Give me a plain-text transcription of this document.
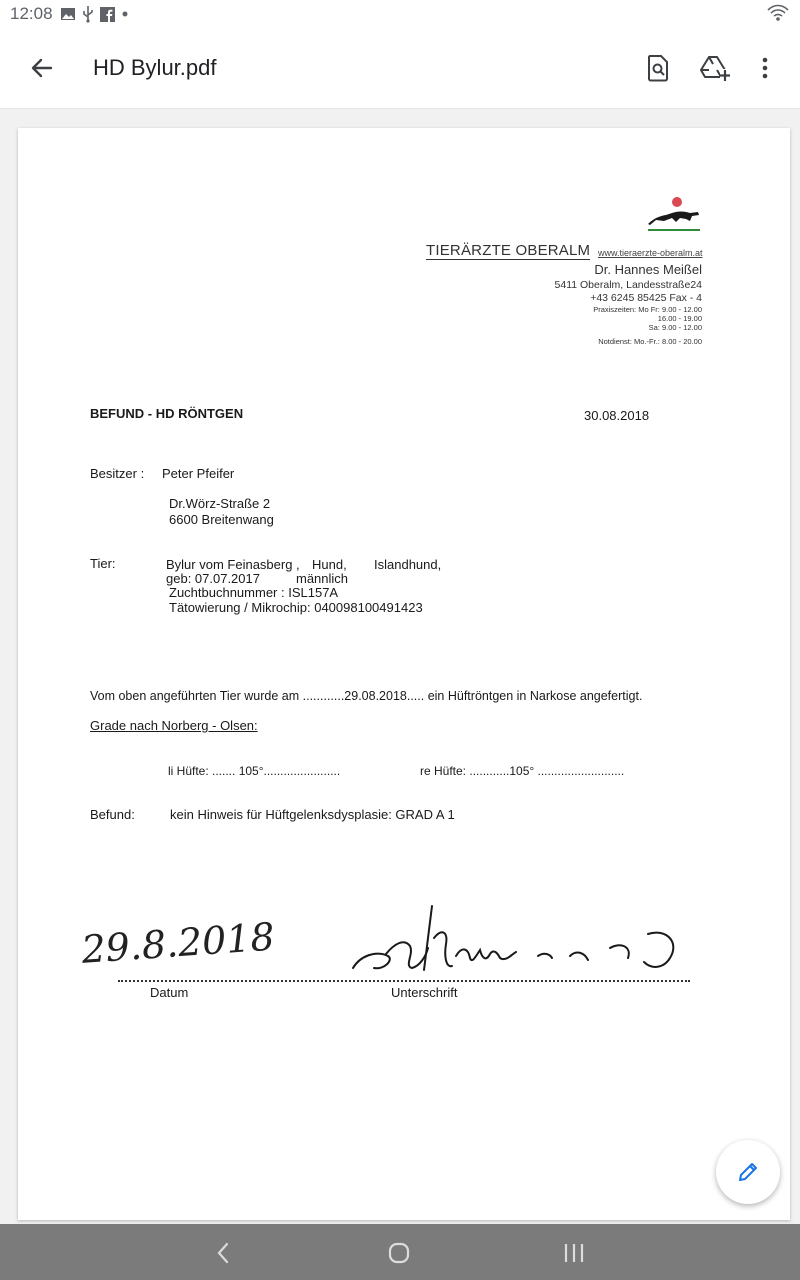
12:08
HD Bylur.pdf
TIERÄRZTE OBERALM www.tieraerzte-oberalm.at
Dr. Hannes Meißel
5411 Oberalm, Landesstraße24
+43 6245 85425 Fax - 4
Praxiszeiten: Mo Fr: 9.00 - 12.00
16.00 - 19.00
Sa: 9.00 - 12.00
Notdienst: Mo.-Fr.: 8.00 - 20.00
BEFUND - HD RÖNTGEN	30.08.2018
Besitzer : Peter Pfeifer
Dr.Wörz-Straße 2
6600 Breitenwang
Tier:	Bylur vom Feinasberg , Hund, Islandhund,
geb: 07.07.2017	männlich
Zuchtbuchnummer : ISL157A
Tätowierung / Mikrochip: 040098100491423
Vom oben angeführten Tier wurde am ............29.08.2018..... ein Hüftröntgen in Narkose angefertigt.
Grade nach Norberg - Olsen:
li Hüfte: ....... 105°.......................	re Hüfte: ............105° ..........................
Befund:	kein Hinweis für Hüftgelenksdysplasie: GRAD A 1
29.8.2018
Datum	Unterschrift
